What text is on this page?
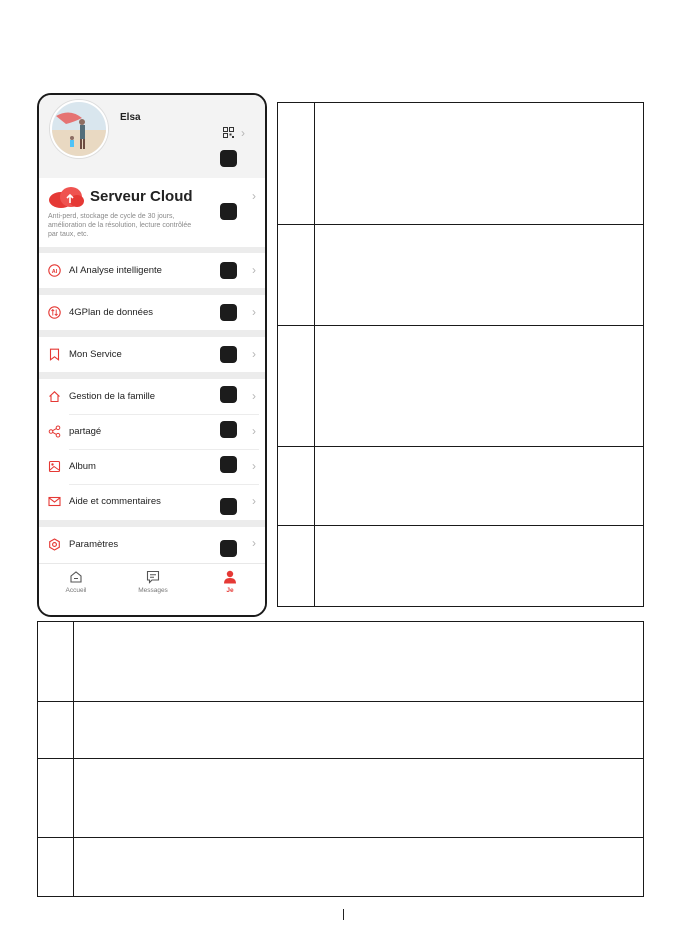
Elsa
›
Serveur Cloud
Anti-perd, stockage de cycle de 30 jours, amélioration de la résolution, lecture contrôlée par taux, etc.
›
AI AI Analyse intelligente	›
4GPlan de données	›
Mon Service	›
Gestion de la famille	›
partagé	›
Album	›
Aide et commentaires	›
Paramètres	›
Accueil	Messages	Je
